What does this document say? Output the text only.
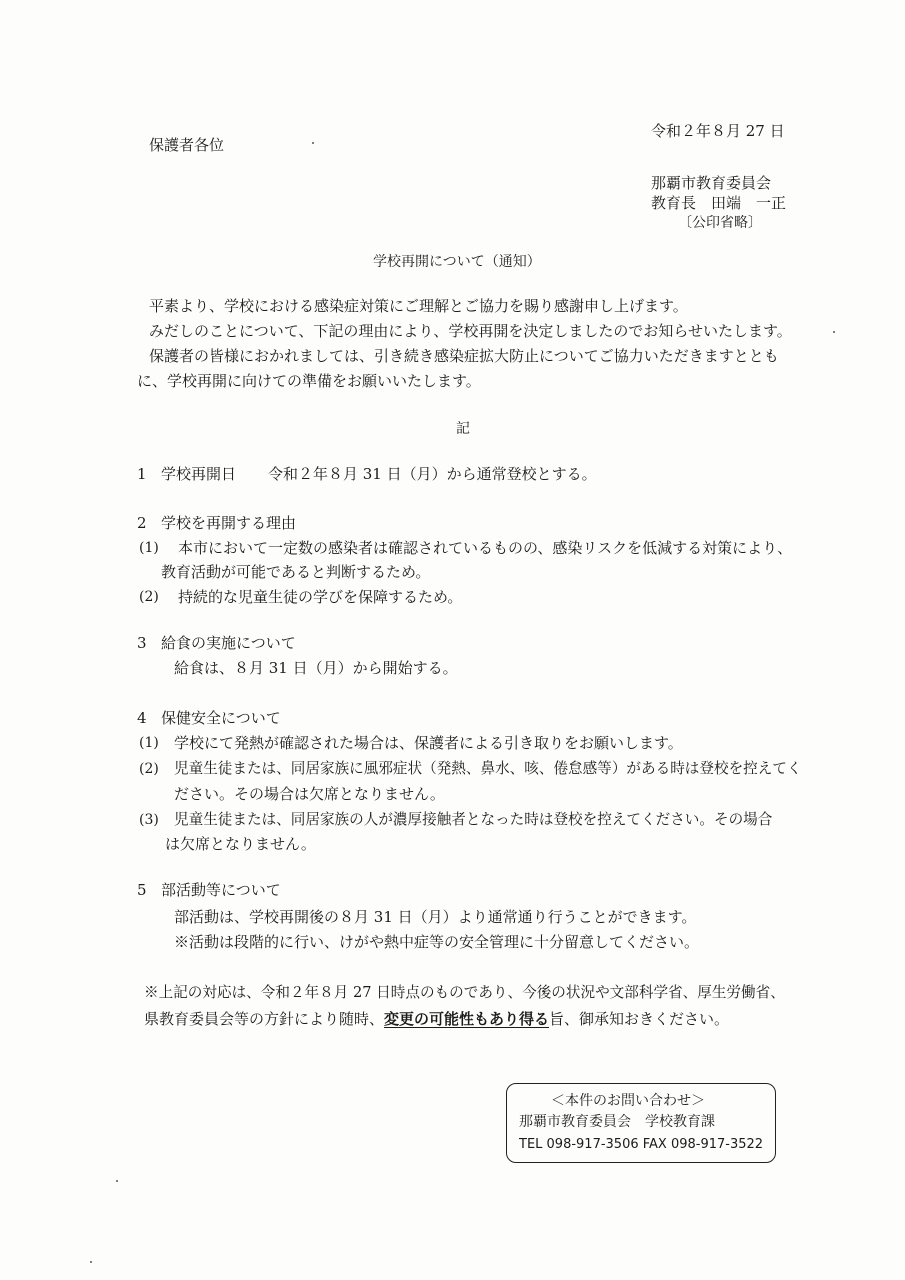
令和２年８月 27 日
保護者各位
那覇市教育委員会
教育長　田端　一正
〔公印省略〕
学校再開について（通知）
平素より、学校における感染症対策にご理解とご協力を賜り感謝申し上げます。
みだしのことについて、下記の理由により、学校再開を決定しましたのでお知らせいたします。
保護者の皆様におかれましては、引き続き感染症拡大防止についてご協力いただきますとともに、学校再開に向けての準備をお願いいたします。
記
1 学校再開日 令和２年８月 31 日（月）から通常登校とする。
2 学校を再開する理由
(1) 本市において一定数の感染者は確認されているものの、感染リスクを低減する対策により、
教育活動が可能であると判断するため。
(2) 持続的な児童生徒の学びを保障するため。
3 給食の実施について
給食は、８月 31 日（月）から開始する。
4 保健安全について
(1) 学校にて発熱が確認された場合は、保護者による引き取りをお願いします。
(2) 児童生徒または、同居家族に風邪症状（発熱、鼻水、咳、倦怠感等）がある時は登校を控えてく
ださい。その場合は欠席となりません。
(3) 児童生徒または、同居家族の人が濃厚接触者となった時は登校を控えてください。その場合
は欠席となりません。
5 部活動等について
部活動は、学校再開後の８月 31 日（月）より通常通り行うことができます。
※活動は段階的に行い、けがや熱中症等の安全管理に十分留意してください。
※上記の対応は、令和２年８月 27 日時点のものであり、今後の状況や文部科学省、厚生労働省、
県教育委員会等の方針により随時、変更の可能性もあり得る旨、御承知おきください。
＜本件のお問い合わせ＞
那覇市教育委員会　学校教育課
TEL 098-917-3506 FAX 098-917-3522
